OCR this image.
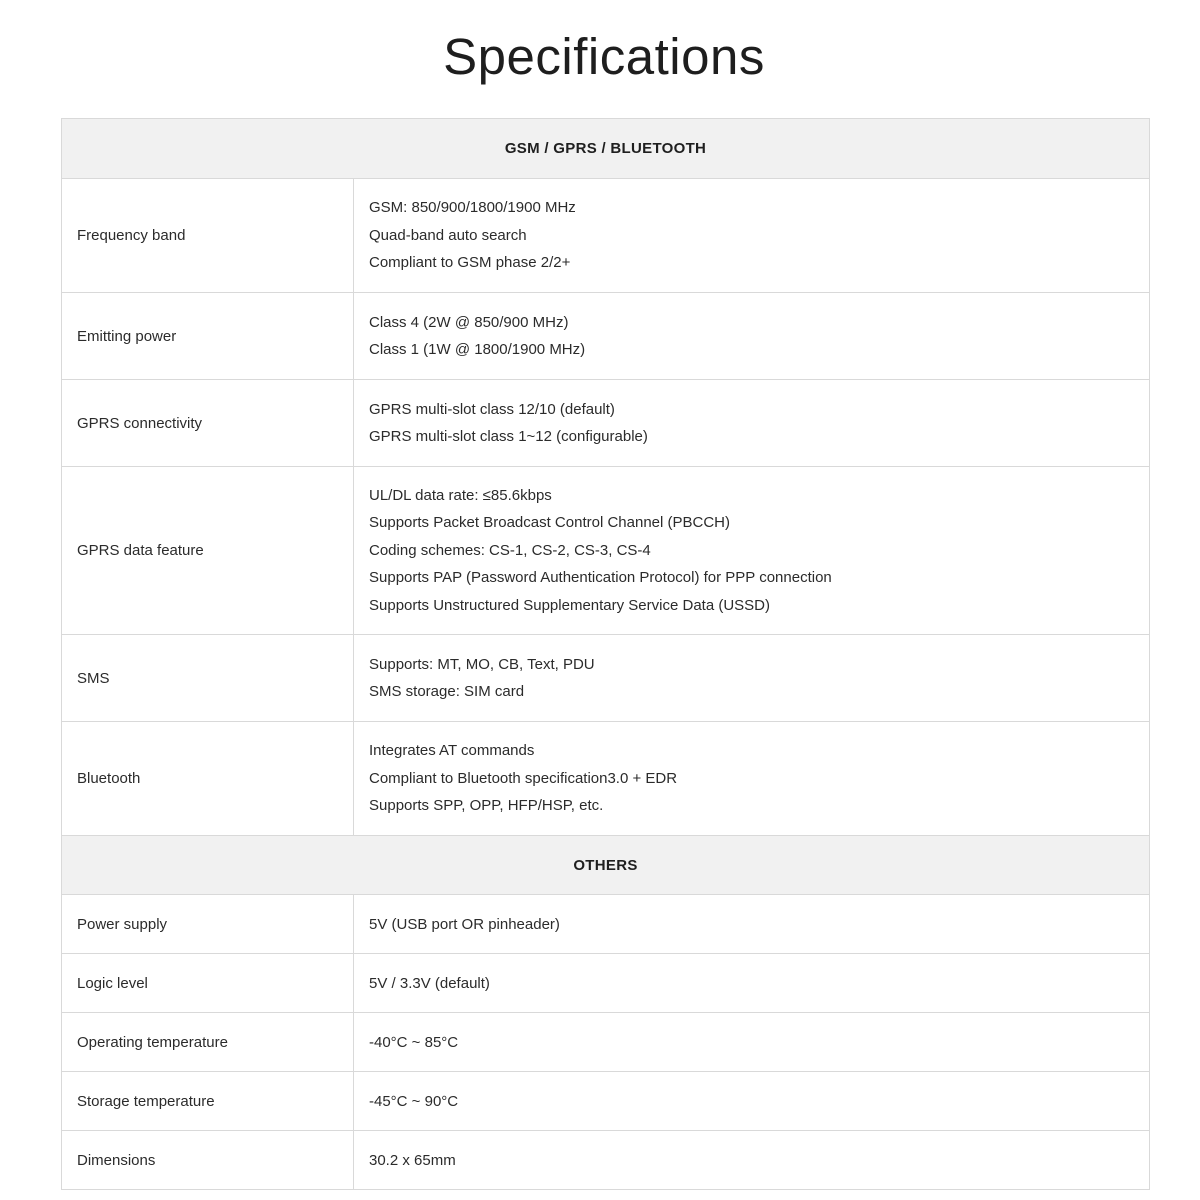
Specifications
GSM / GPRS / BLUETOOTH	
Frequency band	GSM: 850/900/1800/1900 MHz
Quad-band auto search
Compliant to GSM phase 2/2+

Emitting power	Class 4 (2W @ 850/900 MHz)
Class 1 (1W @ 1800/1900 MHz)

GPRS connectivity	GPRS multi-slot class 12/10 (default)
GPRS multi-slot class 1~12 (configurable)

GPRS data feature	UL/DL data rate: ≤85.6kbps
Supports Packet Broadcast Control Channel (PBCCH)
Coding schemes: CS-1, CS-2, CS-3, CS-4
Supports PAP (Password Authentication Protocol) for PPP connection
Supports Unstructured Supplementary Service Data (USSD)

SMS	Supports: MT, MO, CB, Text, PDU
SMS storage: SIM card

Bluetooth	Integrates AT commands
Compliant to Bluetooth specification3.0 + EDR
Supports SPP, OPP, HFP/HSP, etc.

OTHERS	
Power supply	5V (USB port OR pinheader)
Logic level	5V / 3.3V (default)
Operating temperature	-40°C ~ 85°C
Storage temperature	-45°C ~ 90°C
Dimensions	30.2 x 65mm
